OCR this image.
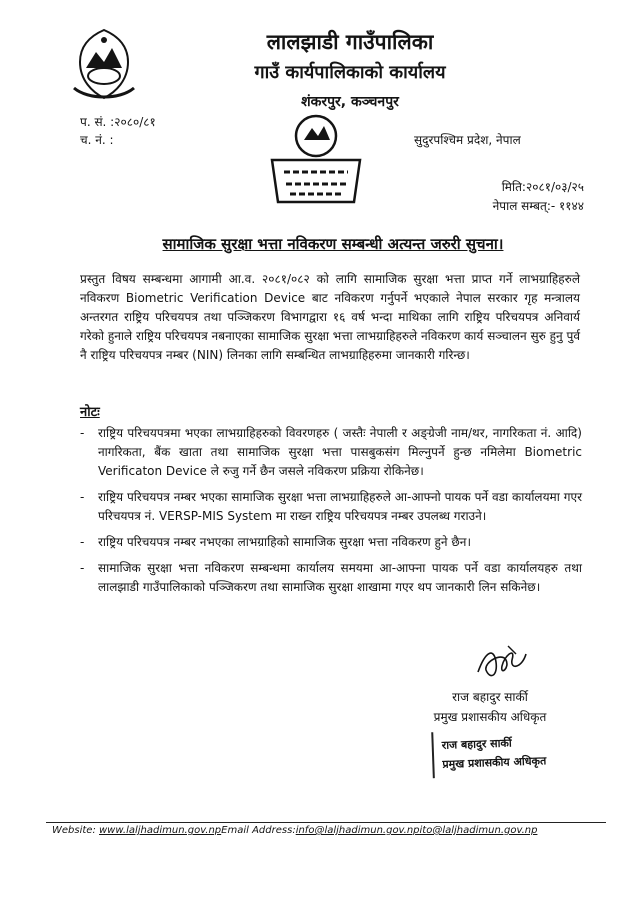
लालझाडी गाउँपालिका
गाउँ कार्यपालिकाको कार्यालय
शंकरपुर, कञ्चनपुर
प. सं. :२०८०/८१
च. नं. :	सुदुरपश्चिम प्रदेश, नेपाल
मिति:२०८१/०३/२५
नेपाल सम्बत्:- ११४४
सामाजिक सुरक्षा भत्ता नविकरण सम्बन्धी अत्यन्त जरुरी सुचना।

प्रस्तुत विषय सम्बन्धमा आगामी आ.व. २०८१/०८२ को लागि सामाजिक सुरक्षा भत्ता प्राप्त गर्ने लाभग्राहिहरुले नविकरण Biometric Verification Device बाट नविकरण गर्नुपर्ने भएकाले नेपाल सरकार गृह मन्त्रालय अन्तरगत राष्ट्रिय परिचयपत्र तथा पञ्जिकरण विभागद्वारा १६ वर्ष भन्दा माथिका लागि राष्ट्रिय परिचयपत्र अनिवार्य गरेको हुनाले राष्ट्रिय परिचयपत्र नबनाएका सामाजिक सुरक्षा भत्ता लाभग्राहिहरुले नविकरण कार्य सञ्चालन सुरु हुनु पुर्व नै राष्ट्रिय परिचयपत्र नम्बर (NIN) लिनका लागि सम्बन्धित लाभग्राहिहरुमा जानकारी गरिन्छ।

नोटः
- राष्ट्रिय परिचयपत्रमा भएका लाभग्राहिहरुको विवरणहरु ( जस्तैः नेपाली र अङ्ग्रेजी नाम/थर, नागरिकता नं. आदि) नागरिकता, बैंक खाता तथा सामाजिक सुरक्षा भत्ता पासबुकसंग मिल्नुपर्ने हुन्छ नमिलेमा Biometric Verificaton Device ले रुजु गर्ने छैन जसले नविकरण प्रक्रिया रोकिनेछ।
- राष्ट्रिय परिचयपत्र नम्बर भएका सामाजिक सुरक्षा भत्ता लाभग्राहिहरुले आ-आफ्नो पायक पर्ने वडा कार्यालयमा गएर परिचयपत्र नं. VERSP-MIS System मा राख्न राष्ट्रिय परिचयपत्र नम्बर उपलब्ध गराउने।
- राष्ट्रिय परिचयपत्र नम्बर नभएका लाभग्राहिको सामाजिक सुरक्षा भत्ता नविकरण हुने छैन।
- सामाजिक सुरक्षा भत्ता नविकरण सम्बन्धमा कार्यालय समयमा आ-आफ्ना पायक पर्ने वडा कार्यालयहरु तथा लालझाडी गाउँपालिकाको पञ्जिकरण तथा सामाजिक सुरक्षा शाखामा गएर थप जानकारी लिन सकिनेछ।
राज बहादुर सार्की
प्रमुख प्रशासकीय अधिकृत
राज बहादुर सार्की
प्रमुख प्रशासकीय अधिकृत
Website: www.laljhadimun.gov.npEmail Address:info@laljhadimun.gov.npito@laljhadimun.gov.np
